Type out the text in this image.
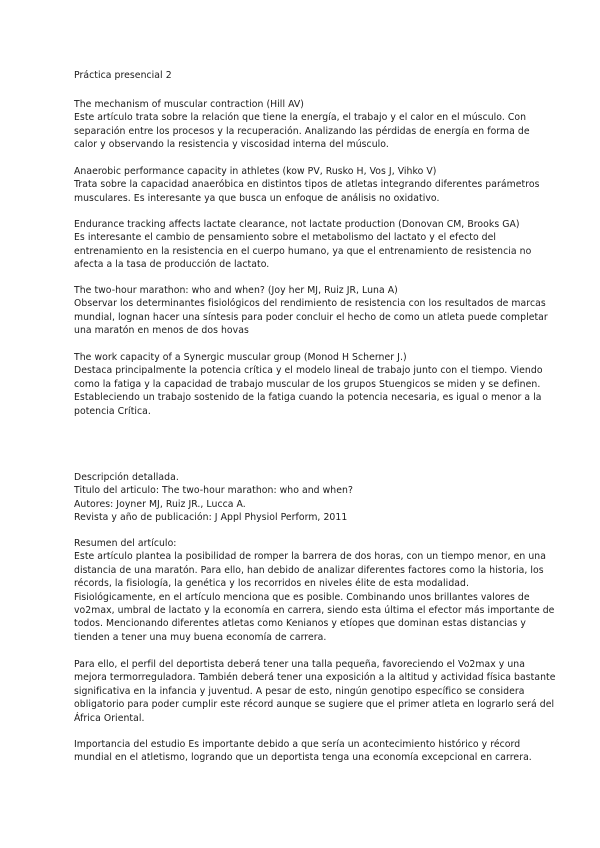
Práctica presencial 2
The mechanism of muscular contraction (Hill AV)
Este artículo trata sobre la relación que tiene la energía, el trabajo y el calor en el músculo. Con
separación entre los procesos y la recuperación. Analizando las pérdidas de energía en forma de
calor y observando la resistencia y viscosidad interna del músculo.
Anaerobic performance capacity in athletes (kow PV, Rusko H, Vos J, Vihko V)
Trata sobre la capacidad anaeróbica en distintos tipos de atletas integrando diferentes parámetros
musculares. Es interesante ya que busca un enfoque de análisis no oxidativo.
Endurance tracking affects lactate clearance, not lactate production (Donovan CM, Brooks GA)
Es interesante el cambio de pensamiento sobre el metabolismo del lactato y el efecto del
entrenamiento en la resistencia en el cuerpo humano, ya que el entrenamiento de resistencia no
afecta a la tasa de producción de lactato.
The two-hour marathon: who and when? (Joy her MJ, Ruiz JR, Luna A)
Observar los determinantes fisiológicos del rendimiento de resistencia con los resultados de marcas
mundial, lognan hacer una síntesis para poder concluir el hecho de como un atleta puede completar
una maratón en menos de dos hovas
The work capacity of a Synergic muscular group (Monod H Scherner J.)
Destaca principalmente la potencia crítica y el modelo lineal de trabajo junto con el tiempo. Viendo
como la fatiga y la capacidad de trabajo muscular de los grupos Stuengicos se miden y se definen.
Estableciendo un trabajo sostenido de la fatiga cuando la potencia necesaria, es igual o menor a la
potencia Crítica.
Descripción detallada.
Titulo del articulo: The two-hour marathon: who and when?
Autores: Joyner MJ, Ruiz JR., Lucca A.
Revista y año de publicación: J Appl Physiol Perform, 2011
Resumen del artículo:
Este artículo plantea la posibilidad de romper la barrera de dos horas, con un tiempo menor, en una
distancia de una maratón. Para ello, han debido de analizar diferentes factores como la historia, los
récords, la fisiología, la genética y los recorridos en niveles élite de esta modalidad.
Fisiológicamente, en el artículo menciona que es posible. Combinando unos brillantes valores de
vo2max, umbral de lactato y la economía en carrera, siendo esta última el efector más importante de
todos. Mencionando diferentes atletas como Kenianos y etíopes que dominan estas distancias y
tienden a tener una muy buena economía de carrera.
Para ello, el perfil del deportista deberá tener una talla pequeña, favoreciendo el Vo2max y una
mejora termorreguladora. También deberá tener una exposición a la altitud y actividad física bastante
significativa en la infancia y juventud. A pesar de esto, ningún genotipo específico se considera
obligatorio para poder cumplir este récord aunque se sugiere que el primer atleta en lograrlo será del
África Oriental.
Importancia del estudio Es importante debido a que sería un acontecimiento histórico y récord
mundial en el atletismo, logrando que un deportista tenga una economía excepcional en carrera.
